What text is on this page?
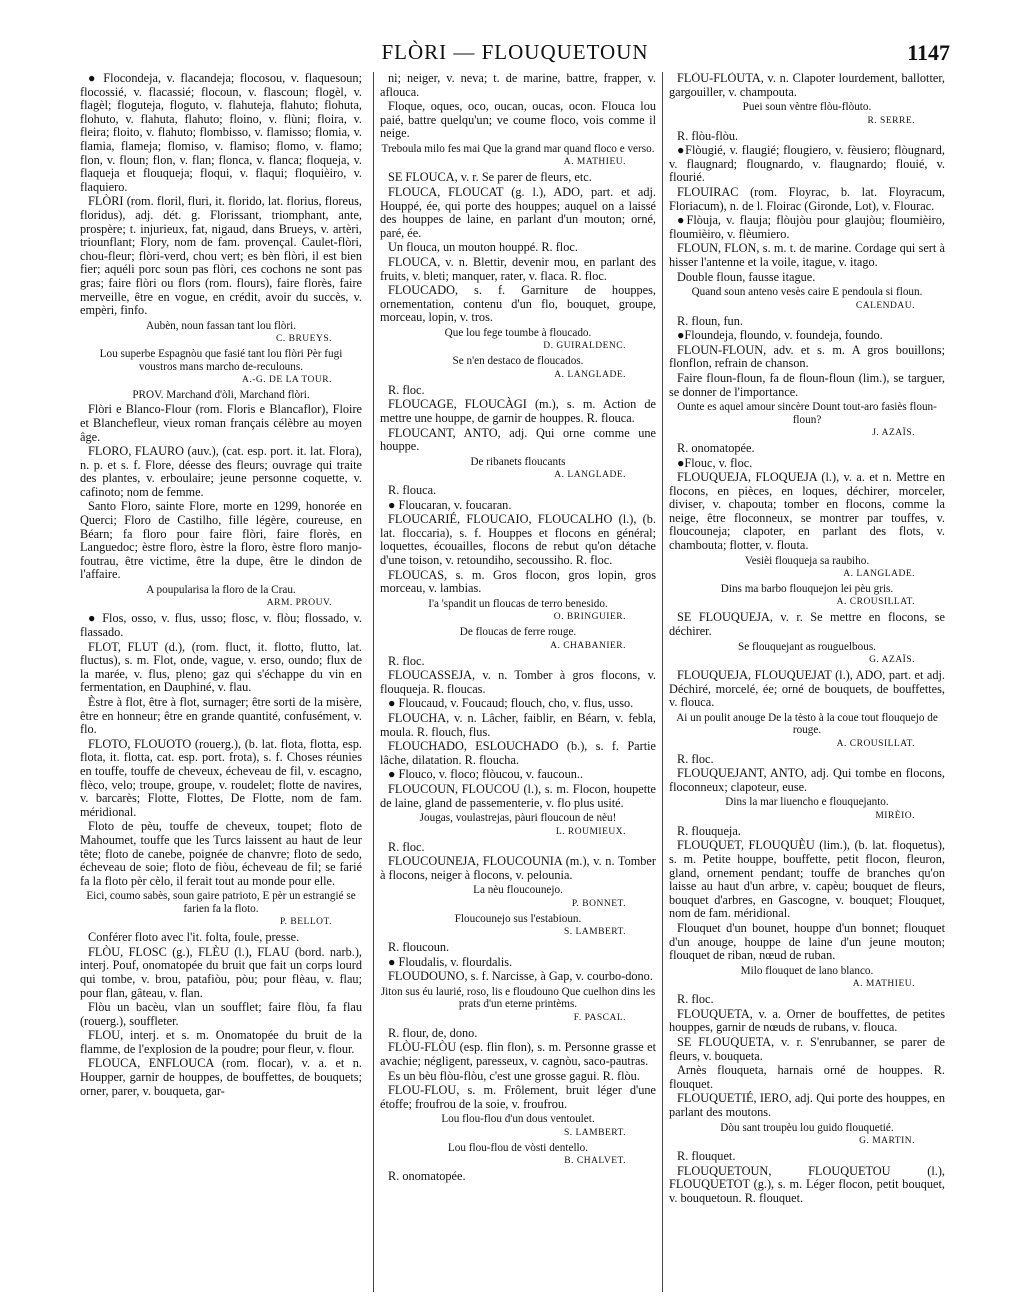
FLÒRI — FLOUQUETOUN	1147
● Flocondeja, v. flacandeja; flocosou, v. flaquesoun; flocossié, v. flacassié; flocoun, v. flascoun; flogèl, v. flagèl; floguteja, floguto, v. flahuteja, flahuto; flohuta, flohuto, v. flahuta, flahuto; floino, v. flùni; floira, v. fleira; floito, v. flahuto; flombisso, v. flamisso; flomia, v. flamia, flameja; flomiso, v. flamiso; flomo, v. flamo; flon, v. floun; flon, v. flan; flonca, v. flanca; floqueja, v. flaqueja et flouqueja; floqui, v. flaqui; floquièiro, v. flaquiero.
FLÒRI (rom. floril, fluri, it. florido, lat. florius, floreus, floridus), adj. dét. g. Florissant, triomphant, ante, prospère; t. injurieux, fat, nigaud, dans Brueys, v. artèri, triounflant; Flory, nom de fam. provençal. Caulet-flòri, chou-fleur; flòri-verd, chou vert; es bèn flòri, il est bien fier; aquéli porc soun pas flòri, ces cochons ne sont pas gras; faire flòri ou flors (rom. flours), faire florès, faire merveille, être en vogue, en crédit, avoir du succès, v. empèri, finfo.
Aubèn, noun fassan tant lou flòri.
C. BRUEYS.
Lou superbe Espagnòu que fasié tant lou flòri Pèr fugi voustros mans marcho de-reculouns.
A.-G. DE LA TOUR.
PROV. Marchand d'òli, Marchand flòri.
Flòri e Blanco-Flour (rom. Floris e Blancaflor), Floire et Blanchefleur, vieux roman français célèbre au moyen âge.
FLORO, FLAURO (auv.), (cat. esp. port. it. lat. Flora), n. p. et s. f. Flore, déesse des fleurs; ouvrage qui traite des plantes, v. erboulaire; jeune personne coquette, v. cafinoto; nom de femme.
Santo Floro, sainte Flore, morte en 1299, honorée en Querci; Floro de Castilho, fille légère, coureuse, en Béarn; fa floro pour faire flòri, faire florès, en Languedoc; èstre floro, èstre la floro, èstre floro manjo-foutrau, être victime, être la dupe, être le dindon de l'affaire.
A poupularisa la floro de la Crau.
ARM. PROUV.
● Flos, osso, v. flus, usso; flosc, v. flòu; flossado, v. flassado.
FLOT, FLUT (d.), (rom. fluct, it. flotto, flutto, lat. fluctus), s. m. Flot, onde, vague, v. erso, oundo; flux de la marée, v. flus, pleno; gaz qui s'échappe du vin en fermentation, en Dauphiné, v. flau.
Èstre à flot, être à flot, surnager; être sorti de la misère, être en honneur; être en grande quantité, confusément, v. flo.
FLOTO, FLOUOTO (rouerg.), (b. lat. flota, flotta, esp. flota, it. flotta, cat. esp. port. frota), s. f. Choses réunies en touffe, touffe de cheveux, écheveau de fil, v. escagno, flèco, velo; troupe, groupe, v. roudelet; flotte de navires, v. barcarès; Flotte, Flottes, De Flotte, nom de fam. méridional.
Floto de pèu, touffe de cheveux, toupet; floto de Mahoumet, touffe que les Turcs laissent au haut de leur tête; floto de canebe, poignée de chanvre; floto de sedo, écheveau de soie; floto de fiòu, écheveau de fil; se farié fa la floto pèr cèlo, il ferait tout au monde pour elle.
Eici, coumo sabès, soun gaire patrioto, E pèr un estrangié se farien fa la floto.
P. BELLOT.
Conférer floto avec l'it. folta, foule, presse.
FLÒU, FLOSC (g.), FLÈU (l.), FLAU (bord. narb.), interj. Pouf, onomatopée du bruit que fait un corps lourd qui tombe, v. brou, patafiòu, pòu; pour flèau, v. flau; pour flan, gâteau, v. flan.
Flòu un bacèu, vlan un soufflet; faire flòu, fa flau (rouerg.), souffleter.
FLOU, interj. et s. m. Onomatopée du bruit de la flamme, de l'explosion de la poudre; pour fleur, v. flour.
FLOUCA, ENFLOUCA (rom. flocar), v. a. et n. Houpper, garnir de houppes, de bouffettes, de bouquets; orner, parer, v. bouqueta, gar-
ni; neiger, v. neva; t. de marine, battre, frapper, v. aflouca.
Floque, oques, oco, oucan, oucas, ocon. Flouca lou paié, battre quelqu'un; ve coume floco, vois comme il neige.
Treboula milo fes mai Que la grand mar quand floco e verso.
A. MATHIEU.
SE FLOUCA, v. r. Se parer de fleurs, etc.
FLOUCA, FLOUCAT (g. l.), ADO, part. et adj. Houppé, ée, qui porte des houppes; auquel on a laissé des houppes de laine, en parlant d'un mouton; orné, paré, ée.
Un flouca, un mouton houppé. R. floc.
FLOUCA, v. n. Blettir, devenir mou, en parlant des fruits, v. bleti; manquer, rater, v. flaca. R. floc.
FLOUCADO, s. f. Garniture de houppes, ornementation, contenu d'un flo, bouquet, groupe, morceau, lopin, v. tros.
Que lou fege toumbe à floucado.
D. GUIRALDENC.
Se n'en destaco de floucados.
A. LANGLADE.
R. floc.
FLOUCAGE, FLOUCÀGI (m.), s. m. Action de mettre une houppe, de garnir de houppes. R. flouca.
FLOUCANT, ANTO, adj. Qui orne comme une houppe.
De ribanets floucants
A. LANGLADE.
R. flouca.
● Floucaran, v. foucaran.
FLOUCARIÉ, FLOUCAIO, FLOUCALHO (l.), (b. lat. floccaria), s. f. Houppes et flocons en général; loquettes, écouailles, flocons de rebut qu'on détache d'une toison, v. retoundiho, secoussiho. R. floc.
FLOUCAS, s. m. Gros flocon, gros lopin, gros morceau, v. lambias.
I'a 'spandit un floucas de terro benesido.
O. BRINGUIER.
De floucas de ferre rouge.
A. CHABANIER.
R. floc.
FLOUCASSEJA, v. n. Tomber à gros flocons, v. flouqueja. R. floucas.
● Floucaud, v. Foucaud; flouch, cho, v. flus, usso.
FLOUCHA, v. n. Lâcher, faiblir, en Béarn, v. febla, moula. R. flouch, flus.
FLOUCHADO, ESLOUCHADO (b.), s. f. Partie lâche, dilatation. R. floucha.
● Flouco, v. floco; flòucou, v. faucoun..
FLOUCOUN, FLOUCOU (l.), s. m. Flocon, houpette de laine, gland de passementerie, v. flo plus usité.
Jougas, voulastrejas, pàuri floucoun de nèu!
L. ROUMIEUX.
R. floc.
FLOUCOUNEJA, FLOUCOUNIA (m.), v. n. Tomber à flocons, neiger à flocons, v. pelounia.
La nèu floucounejo.
P. BONNET.
Floucounejo sus l'estabioun.
S. LAMBERT.
R. floucoun.
● Floudalis, v. flourdalis.
FLOUDOUNO, s. f. Narcisse, à Gap, v. courbo-dono.
Jiton sus éu laurié, roso, lis e floudouno Que cuelhon dins les prats d'un eterne printèms.
F. PASCAL.
R. flour, de, dono.
FLÒU-FLÒU (esp. flin flon), s. m. Personne grasse et avachie; négligent, paresseux, v. cagnòu, saco-pautras.
Es un bèu flòu-flòu, c'est une grosse gagui. R. flòu.
FLOU-FLOU, s. m. Frôlement, bruit léger d'une étoffe; froufrou de la soie, v. froufrou.
Lou flou-flou d'un dous ventoulet.
S. LAMBERT.
Lou flou-flou de vòsti dentello.
B. CHALVET.
R. onomatopée.
FLÒU-FLÒUTA, v. n. Clapoter lourdement, ballotter, gargouiller, v. champouta.
Puei soun vèntre flòu-flòuto.
R. SERRE.
R. flòu-flòu.
●Flòugié, v. flaugié; flougiero, v. fèusiero; flòugnard, v. flaugnard; flougnardo, v. flaugnardo; flouié, v. flourié.
FLOUIRAC (rom. Floyrac, b. lat. Floyracum, Floriacum), n. de l. Floirac (Gironde, Lot), v. Flourac.
●Flòuja, v. flauja; flòujòu pour glaujòu; floumièiro, floumièiro, v. flèumiero.
FLOUN, FLON, s. m. t. de marine. Cordage qui sert à hisser l'antenne et la voile, itague, v. itago.
Double floun, fausse itague.
Quand soun anteno vesès caire E pendoula si floun.
CALENDAU.
R. floun, fun.
●Floundeja, floundo, v. foundeja, foundo.
FLOUN-FLOUN, adv. et s. m. A gros bouillons; flonflon, refrain de chanson.
Faire floun-floun, fa de floun-floun (lim.), se targuer, se donner de l'importance.
Ounte es aquel amour sincère Dount tout-aro fasiès floun-floun?
J. AZAÏS.
R. onomatopée.
●Flouc, v. floc.
FLOUQUEJA, FLOQUEJA (l.), v. a. et n. Mettre en flocons, en pièces, en loques, déchirer, morceler, diviser, v. chapouta; tomber en flocons, comme la neige, être floconneux, se montrer par touffes, v. floucouneja; clapoter, en parlant des flots, v. chambouta; flotter, v. flouta.
Vesièi flouqueja sa raubiho.
A. LANGLADE.
Dins ma barbo flouquejon lei pèu gris.
A. CROUSILLAT.
SE FLOUQUEJA, v. r. Se mettre en flocons, se déchirer.
Se flouquejant as rouguelbous.
G. AZAÏS.
FLOUQUEJA, FLOUQUEJAT (l.), ADO, part. et adj. Déchiré, morcelé, ée; orné de bouquets, de bouffettes, v. flouca.
Ai un poulit anouge De la tèsto à la coue tout flouquejo de rouge.
A. CROUSILLAT.
R. floc.
FLOUQUEJANT, ANTO, adj. Qui tombe en flocons, floconneux; clapoteur, euse.
Dins la mar liuencho e flouquejanto.
MIRÈIO.
R. flouqueja.
FLOUQUET, FLOUQUÈU (lim.), (b. lat. floquetus), s. m. Petite houppe, bouffette, petit flocon, fleuron, gland, ornement pendant; touffe de branches qu'on laisse au haut d'un arbre, v. capèu; bouquet de fleurs, bouquet d'arbres, en Gascogne, v. bouquet; Flouquet, nom de fam. méridional.
Flouquet d'un bounet, houppe d'un bonnet; flouquet d'un anouge, houppe de laine d'un jeune mouton; flouquet de riban, nœud de ruban.
Milo flouquet de lano blanco.
A. MATHIEU.
R. floc.
FLOUQUETA, v. a. Orner de bouffettes, de petites houppes, garnir de nœuds de rubans, v. flouca.
SE FLOUQUETA, v. r. S'enrubanner, se parer de fleurs, v. bouqueta.
Arnès flouqueta, harnais orné de houppes. R. flouquet.
FLOUQUETIÉ, IERO, adj. Qui porte des houppes, en parlant des moutons.
Dòu sant troupèu lou guido flouquetié.
G. MARTIN.
R. flouquet.
FLOUQUETOUN, FLOUQUETOU (l.), FLOUQUETOT (g.), s. m. Léger flocon, petit bouquet, v. bouquetoun. R. flouquet.
